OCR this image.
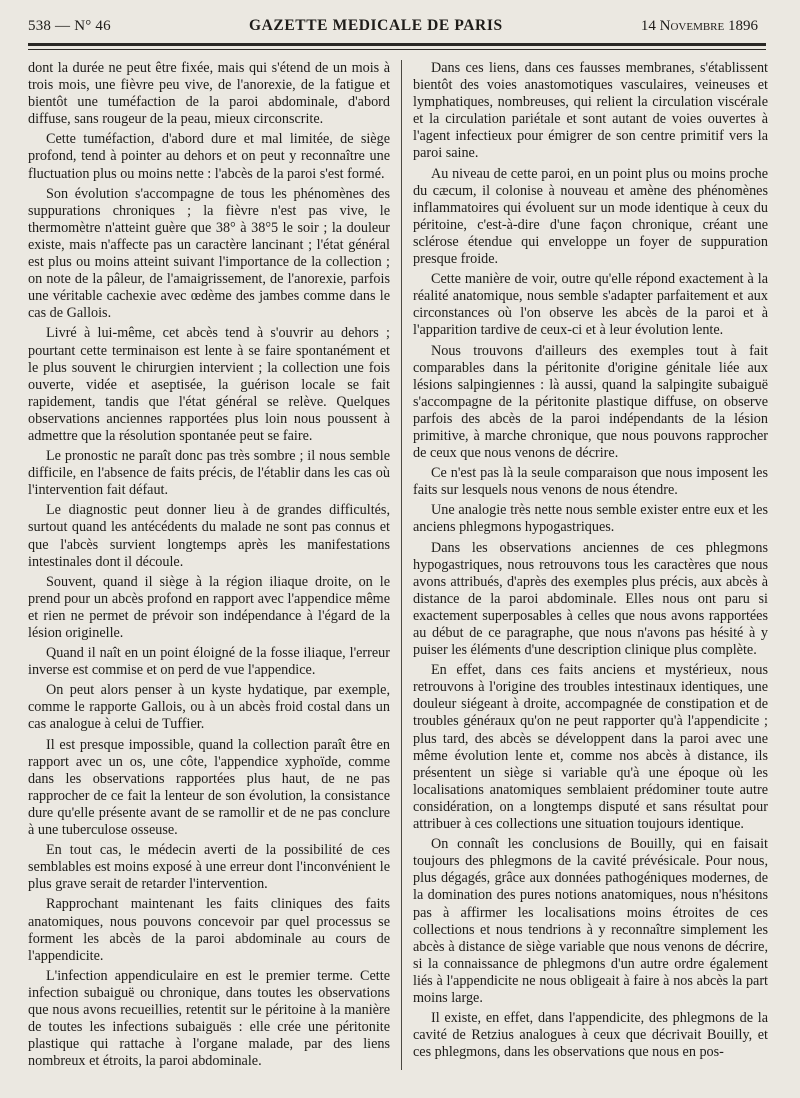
538 — N° 46	GAZETTE MEDICALE DE PARIS	14 Novembre 1896

dont la durée ne peut être fixée, mais qui s'étend de un mois à trois mois, une fièvre peu vive, de l'anorexie, de la fatigue et bientôt une tuméfaction de la paroi abdominale, d'abord diffuse, sans rougeur de la peau, mieux circonscrite.

Cette tuméfaction, d'abord dure et mal limitée, de siège profond, tend à pointer au dehors et on peut y reconnaître une fluctuation plus ou moins nette : l'abcès de la paroi s'est formé.

Son évolution s'accompagne de tous les phénomènes des suppurations chroniques ; la fièvre n'est pas vive, le thermomètre n'atteint guère que 38° à 38°5 le soir ; la douleur existe, mais n'affecte pas un caractère lancinant ; l'état général est plus ou moins atteint suivant l'importance de la collection ; on note de la pâleur, de l'amaigrissement, de l'anorexie, parfois une véritable cachexie avec œdème des jambes comme dans le cas de Gallois.

Livré à lui-même, cet abcès tend à s'ouvrir au dehors ; pourtant cette terminaison est lente à se faire spontanément et le plus souvent le chirurgien intervient ; la collection une fois ouverte, vidée et aseptisée, la guérison locale se fait rapidement, tandis que l'état général se relève. Quelques observations anciennes rapportées plus loin nous poussent à admettre que la résolution spontanée peut se faire.

Le pronostic ne paraît donc pas très sombre ; il nous semble difficile, en l'absence de faits précis, de l'établir dans les cas où l'intervention fait défaut.

Le diagnostic peut donner lieu à de grandes difficultés, surtout quand les antécédents du malade ne sont pas connus et que l'abcès survient longtemps après les manifestations intestinales dont il découle.

Souvent, quand il siège à la région iliaque droite, on le prend pour un abcès profond en rapport avec l'appendice même et rien ne permet de prévoir son indépendance à l'égard de la lésion originelle.

Quand il naît en un point éloigné de la fosse iliaque, l'erreur inverse est commise et on perd de vue l'appendice.

On peut alors penser à un kyste hydatique, par exemple, comme le rapporte Gallois, ou à un abcès froid costal dans un cas analogue à celui de Tuffier.

Il est presque impossible, quand la collection paraît être en rapport avec un os, une côte, l'appendice xyphoïde, comme dans les observations rapportées plus haut, de ne pas rapprocher de ce fait la lenteur de son évolution, la consistance dure qu'elle présente avant de se ramollir et de ne pas conclure à une tuberculose osseuse.

En tout cas, le médecin averti de la possibilité de ces semblables est moins exposé à une erreur dont l'inconvénient le plus grave serait de retarder l'intervention.

Rapprochant maintenant les faits cliniques des faits anatomiques, nous pouvons concevoir par quel processus se forment les abcès de la paroi abdominale au cours de l'appendicite.

L'infection appendiculaire en est le premier terme. Cette infection subaiguë ou chronique, dans toutes les observations que nous avons recueillies, retentit sur le péritoine à la manière de toutes les infections subaiguës : elle crée une péritonite plastique qui rattache à l'organe malade, par des liens nombreux et étroits, la paroi abdominale.

Dans ces liens, dans ces fausses membranes, s'établissent bientôt des voies anastomotiques vasculaires, veineuses et lymphatiques, nombreuses, qui relient la circulation viscérale et la circulation pariétale et sont autant de voies ouvertes à l'agent infectieux pour émigrer de son centre primitif vers la paroi saine.

Au niveau de cette paroi, en un point plus ou moins proche du cæcum, il colonise à nouveau et amène des phénomènes inflammatoires qui évoluent sur un mode identique à ceux du péritoine, c'est-à-dire d'une façon chronique, créant une sclérose étendue qui enveloppe un foyer de suppuration presque froide.

Cette manière de voir, outre qu'elle répond exactement à la réalité anatomique, nous semble s'adapter parfaitement et aux circonstances où l'on observe les abcès de la paroi et à l'apparition tardive de ceux-ci et à leur évolution lente.

Nous trouvons d'ailleurs des exemples tout à fait comparables dans la péritonite d'origine génitale liée aux lésions salpingiennes : là aussi, quand la salpingite subaiguë s'accompagne de la péritonite plastique diffuse, on observe parfois des abcès de la paroi indépendants de la lésion primitive, à marche chronique, que nous pouvons rapprocher de ceux que nous venons de décrire.

Ce n'est pas là la seule comparaison que nous imposent les faits sur lesquels nous venons de nous étendre.

Une analogie très nette nous semble exister entre eux et les anciens phlegmons hypogastriques.

Dans les observations anciennes de ces phlegmons hypogastriques, nous retrouvons tous les caractères que nous avons attribués, d'après des exemples plus précis, aux abcès à distance de la paroi abdominale. Elles nous ont paru si exactement superposables à celles que nous avons rapportées au début de ce paragraphe, que nous n'avons pas hésité à y puiser les éléments d'une description clinique plus complète.

En effet, dans ces faits anciens et mystérieux, nous retrouvons à l'origine des troubles intestinaux identiques, une douleur siégeant à droite, accompagnée de constipation et de troubles généraux qu'on ne peut rapporter qu'à l'appendicite ; plus tard, des abcès se développent dans la paroi avec une même évolution lente et, comme nos abcès à distance, ils présentent un siège si variable qu'à une époque où les localisations anatomiques semblaient prédominer toute autre considération, on a longtemps disputé et sans résultat pour attribuer à ces collections une situation toujours identique.

On connaît les conclusions de Bouilly, qui en faisait toujours des phlegmons de la cavité prévésicale. Pour nous, plus dégagés, grâce aux données pathogéniques modernes, de la domination des pures notions anatomiques, nous n'hésitons pas à affirmer les localisations moins étroites de ces collections et nous tendrions à y reconnaître simplement les abcès à distance de siège variable que nous venons de décrire, si la connaissance de phlegmons d'un autre ordre également liés à l'appendicite ne nous obligeait à faire à nos abcès la part moins large.

Il existe, en effet, dans l'appendicite, des phlegmons de la cavité de Retzius analogues à ceux que décrivait Bouilly, et ces phlegmons, dans les observations que nous en pos-
